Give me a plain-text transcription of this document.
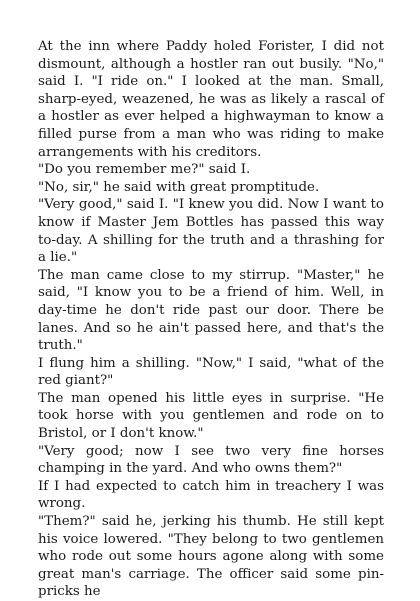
At the inn where Paddy holed Forister, I did not dismount, although a hostler ran out busily. "No," said I. "I ride on." I looked at the man. Small, sharp-eyed, weazened, he was as likely a rascal of a hostler as ever helped a highwayman to know a filled purse from a man who was riding to make arrangements with his creditors.

"Do you remember me?" said I.

"No, sir," he said with great promptitude.

"Very good," said I. "I knew you did. Now I want to know if Master Jem Bottles has passed this way to-day. A shilling for the truth and a thrashing for a lie."

The man came close to my stirrup. "Master," he said, "I know you to be a friend of him. Well, in day-time he don't ride past our door. There be lanes. And so he ain't passed here, and that's the truth."

I flung him a shilling. "Now," I said, "what of the red giant?"

The man opened his little eyes in surprise. "He took horse with you gentlemen and rode on to Bristol, or I don't know."

"Very good; now I see two very fine horses champing in the yard. And who owns them?"

If I had expected to catch him in treachery I was wrong.

"Them?" said he, jerking his thumb. He still kept his voice lowered. "They belong to two gentlemen who rode out some hours agone along with some great man's carriage. The officer said some pin-pricks he
